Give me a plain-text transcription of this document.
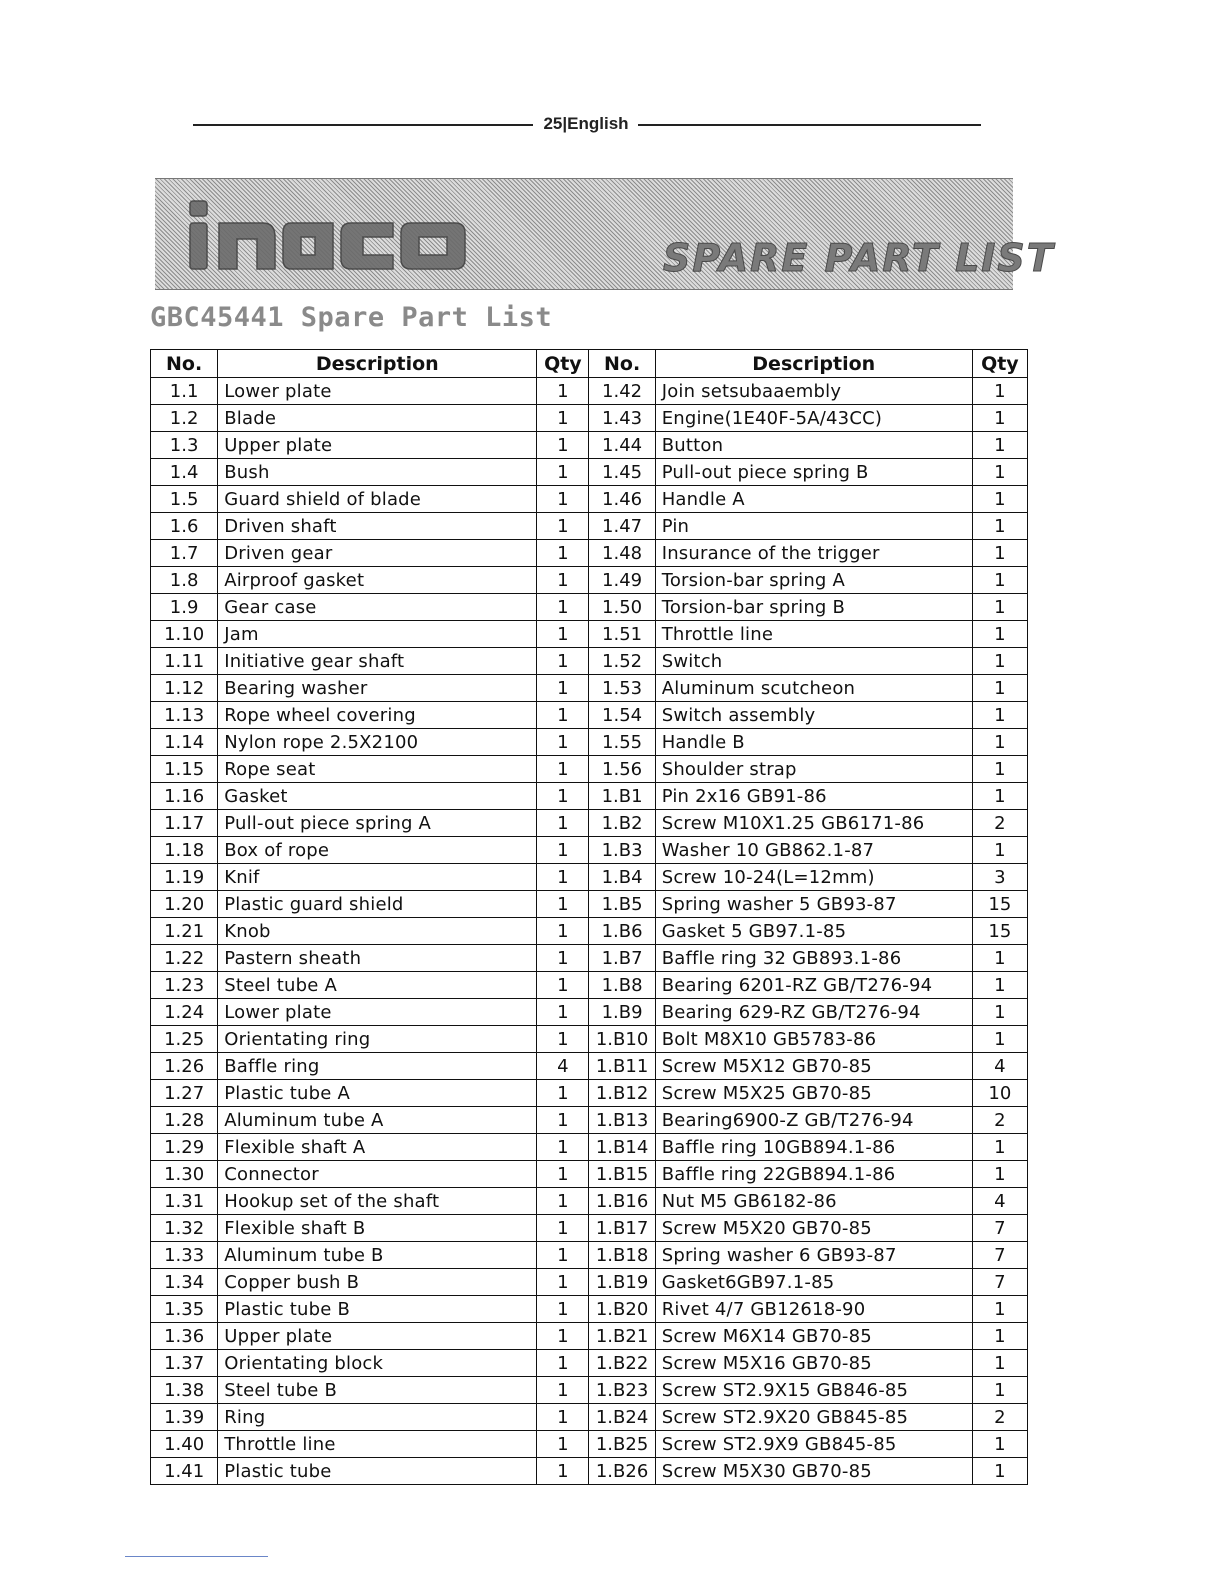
25|English
SPARE PART LIST
GBC45441 Spare Part List
No.	Description	Qty	No.	Description	Qty
1.1	Lower plate	1	1.42	Join setsubaaembly	1
1.2	Blade	1	1.43	Engine(1E40F-5A/43CC)	1
1.3	Upper plate	1	1.44	Button	1
1.4	Bush	1	1.45	Pull-out piece spring B	1
1.5	Guard shield of blade	1	1.46	Handle A	1
1.6	Driven shaft	1	1.47	Pin	1
1.7	Driven gear	1	1.48	Insurance of the trigger	1
1.8	Airproof gasket	1	1.49	Torsion-bar spring A	1
1.9	Gear case	1	1.50	Torsion-bar spring B	1
1.10	Jam	1	1.51	Throttle line	1
1.11	Initiative gear shaft	1	1.52	Switch	1
1.12	Bearing washer	1	1.53	Aluminum scutcheon	1
1.13	Rope wheel covering	1	1.54	Switch assembly	1
1.14	Nylon rope 2.5X2100	1	1.55	Handle B	1
1.15	Rope seat	1	1.56	Shoulder strap	1
1.16	Gasket	1	1.B1	Pin 2x16 GB91-86	1
1.17	Pull-out piece spring A	1	1.B2	Screw M10X1.25 GB6171-86	2
1.18	Box of rope	1	1.B3	Washer 10 GB862.1-87	1
1.19	Knif	1	1.B4	Screw 10-24(L=12mm)	3
1.20	Plastic guard shield	1	1.B5	Spring washer 5 GB93-87	15
1.21	Knob	1	1.B6	Gasket 5 GB97.1-85	15
1.22	Pastern sheath	1	1.B7	Baffle ring 32 GB893.1-86	1
1.23	Steel tube A	1	1.B8	Bearing 6201-RZ GB/T276-94	1
1.24	Lower plate	1	1.B9	Bearing 629-RZ GB/T276-94	1
1.25	Orientating ring	1	1.B10	Bolt M8X10 GB5783-86	1
1.26	Baffle ring	4	1.B11	Screw M5X12 GB70-85	4
1.27	Plastic tube A	1	1.B12	Screw M5X25 GB70-85	10
1.28	Aluminum tube A	1	1.B13	Bearing6900-Z GB/T276-94	2
1.29	Flexible shaft A	1	1.B14	Baffle ring 10GB894.1-86	1
1.30	Connector	1	1.B15	Baffle ring 22GB894.1-86	1
1.31	Hookup set of the shaft	1	1.B16	Nut M5 GB6182-86	4
1.32	Flexible shaft B	1	1.B17	Screw M5X20 GB70-85	7
1.33	Aluminum tube B	1	1.B18	Spring washer 6 GB93-87	7
1.34	Copper bush B	1	1.B19	Gasket6GB97.1-85	7
1.35	Plastic tube B	1	1.B20	Rivet 4/7 GB12618-90	1
1.36	Upper plate	1	1.B21	Screw M6X14 GB70-85	1
1.37	Orientating block	1	1.B22	Screw M5X16 GB70-85	1
1.38	Steel tube B	1	1.B23	Screw ST2.9X15 GB846-85	1
1.39	Ring	1	1.B24	Screw ST2.9X20 GB845-85	2
1.40	Throttle line	1	1.B25	Screw ST2.9X9 GB845-85	1
1.41	Plastic tube	1	1.B26	Screw M5X30 GB70-85	1
